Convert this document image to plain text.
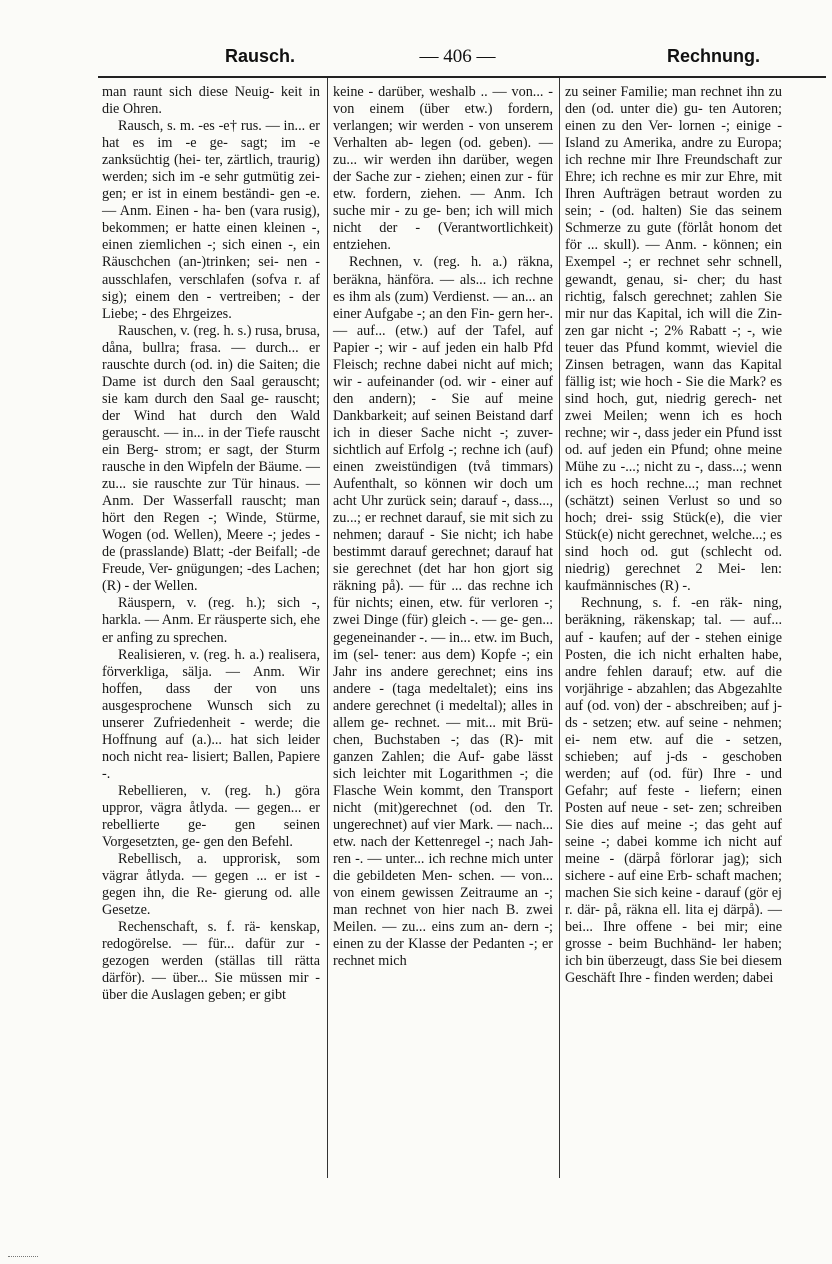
Rausch.	— 406 —	Rechnung.

man raunt sich diese Neuig- keit in die Ohren.

Rausch, s. m. -es -e† rus. — in... er hat es im -e ge- sagt; im -e zanksüchtig (hei- ter, zärtlich, traurig) werden; sich im -e sehr gutmütig zei- gen; er ist in einem beständi- gen -e. — Anm. Einen - ha- ben (vara rusig), bekommen; er hatte einen kleinen -, einen ziemlichen -; sich einen -, ein Räuschchen (an-)trinken; sei- nen - ausschlafen, verschlafen (sofva r. af sig); einem den - vertreiben; - der Liebe; - des Ehrgeizes.

Rauschen, v. (reg. h. s.) rusa, brusa, dåna, bullra; frasa. — durch... er rauschte durch (od. in) die Saiten; die Dame ist durch den Saal gerauscht; sie kam durch den Saal ge- rauscht; der Wind hat durch den Wald gerauscht. — in... in der Tiefe rauscht ein Berg- strom; er sagt, der Sturm rausche in den Wipfeln der Bäume. — zu... sie rauschte zur Tür hinaus. — Anm. Der Wasserfall rauscht; man hört den Regen -; Winde, Stürme, Wogen (od. Wellen), Meere -; jedes -de (prasslande) Blatt; -der Beifall; -de Freude, Ver- gnügungen; -des Lachen; (R) - der Wellen.

Räuspern, v. (reg. h.); sich -, harkla. — Anm. Er räusperte sich, ehe er anfing zu sprechen.

Realisieren, v. (reg. h. a.) realisera, förverkliga, sälja. — Anm. Wir hoffen, dass der von uns ausgesprochene Wunsch sich zu unserer Zufriedenheit - werde; die Hoffnung auf (a.)... hat sich leider noch nicht rea- lisiert; Ballen, Papiere -.

Rebellieren, v. (reg. h.) göra uppror, vägra åtlyda. — gegen... er rebellierte ge- gen seinen Vorgesetzten, ge- gen den Befehl.

Rebellisch, a. upprorisk, som vägrar åtlyda. — gegen ... er ist - gegen ihn, die Re- gierung od. alle Gesetze.

Rechenschaft, s. f. rä- kenskap, redogörelse. — für... dafür zur - gezogen werden (ställas till rätta därför). — über... Sie müssen mir - über die Auslagen geben; er gibt

keine - darüber, weshalb .. — von... - von einem (über etw.) fordern, verlangen; wir werden - von unserem Verhalten ab- legen (od. geben). — zu... wir werden ihn darüber, wegen der Sache zur - ziehen; einen zur - für etw. fordern, ziehen. — Anm. Ich suche mir - zu ge- ben; ich will mich nicht der - (Verantwortlichkeit) entziehen.

Rechnen, v. (reg. h. a.) räkna, beräkna, hänföra. — als... ich rechne es ihm als (zum) Verdienst. — an... an einer Aufgabe -; an den Fin- gern her-. — auf... (etw.) auf der Tafel, auf Papier -; wir - auf jeden ein halb Pfd Fleisch; rechne dabei nicht auf mich; wir - aufeinander (od. wir - einer auf den andern); - Sie auf meine Dankbarkeit; auf seinen Beistand darf ich in dieser Sache nicht -; zuver- sichtlich auf Erfolg -; rechne ich (auf) einen zweistündigen (två timmars) Aufenthalt, so können wir doch um acht Uhr zurück sein; darauf -, dass..., zu...; er rechnet darauf, sie mit sich zu nehmen; darauf - Sie nicht; ich habe bestimmt darauf gerechnet; darauf hat sie gerechnet (det har hon gjort sig räkning på). — für ... das rechne ich für nichts; einen, etw. für verloren -; zwei Dinge (für) gleich -. — ge- gen... gegeneinander -. — in... etw. im Buch, im (sel- tener: aus dem) Kopfe -; ein Jahr ins andere gerechnet; eins ins andere - (taga medeltalet); eins ins andere gerechnet (i medeltal); alles in allem ge- rechnet. — mit... mit Brü- chen, Buchstaben -; das (R)- mit ganzen Zahlen; die Auf- gabe lässt sich leichter mit Logarithmen -; die Flasche Wein kommt, den Transport nicht (mit)gerechnet (od. den Tr. ungerechnet) auf vier Mark. — nach... etw. nach der Kettenregel -; nach Jah- ren -. — unter... ich rechne mich unter die gebildeten Men- schen. — von... von einem gewissen Zeitraume an -; man rechnet von hier nach B. zwei Meilen. — zu... eins zum an- dern -; einen zu der Klasse der Pedanten -; er rechnet mich

zu seiner Familie; man rechnet ihn zu den (od. unter die) gu- ten Autoren; einen zu den Ver- lornen -; einige - Island zu Amerika, andre zu Europa; ich rechne mir Ihre Freundschaft zur Ehre; ich rechne es mir zur Ehre, mit Ihren Aufträgen betraut worden zu sein; - (od. halten) Sie das seinem Schmerze zu gute (förlåt honom det för ... skull). — Anm. - können; ein Exempel -; er rechnet sehr schnell, gewandt, genau, si- cher; du hast richtig, falsch gerechnet; zahlen Sie mir nur das Kapital, ich will die Zin- zen gar nicht -; 2% Rabatt -; -, wie teuer das Pfund kommt, wieviel die Zinsen betragen, wann das Kapital fällig ist; wie hoch - Sie die Mark? es sind hoch, gut, niedrig gerech- net zwei Meilen; wenn ich es hoch rechne; wir -, dass jeder ein Pfund isst od. auf jeden ein Pfund; ohne meine Mühe zu -...; nicht zu -, dass...; wenn ich es hoch rechne...; man rechnet (schätzt) seinen Verlust so und so hoch; drei- ssig Stück(e), die vier Stück(e) nicht gerechnet, welche...; es sind hoch od. gut (schlecht od. niedrig) gerechnet 2 Mei- len: kaufmännisches (R) -.

Rechnung, s. f. -en räk- ning, beräkning, räkenskap; tal. — auf... auf - kaufen; auf der - stehen einige Posten, die ich nicht erhalten habe, andre fehlen darauf; etw. auf die vorjährige - abzahlen; das Abgezahlte auf (od. von) der - abschreiben; auf j-ds - setzen; etw. auf seine - nehmen; ei- nem etw. auf die - setzen, schieben; auf j-ds - geschoben werden; auf (od. für) Ihre - und Gefahr; auf feste - liefern; einen Posten auf neue - set- zen; schreiben Sie dies auf meine -; das geht auf seine -; dabei komme ich nicht auf meine - (därpå förlorar jag); sich sichere - auf eine Erb- schaft machen; machen Sie sich keine - darauf (gör ej r. där- på, räkna ell. lita ej därpå). — bei... Ihre offene - bei mir; eine grosse - beim Buchhänd- ler haben; ich bin überzeugt, dass Sie bei diesem Geschäft Ihre - finden werden; dabei
